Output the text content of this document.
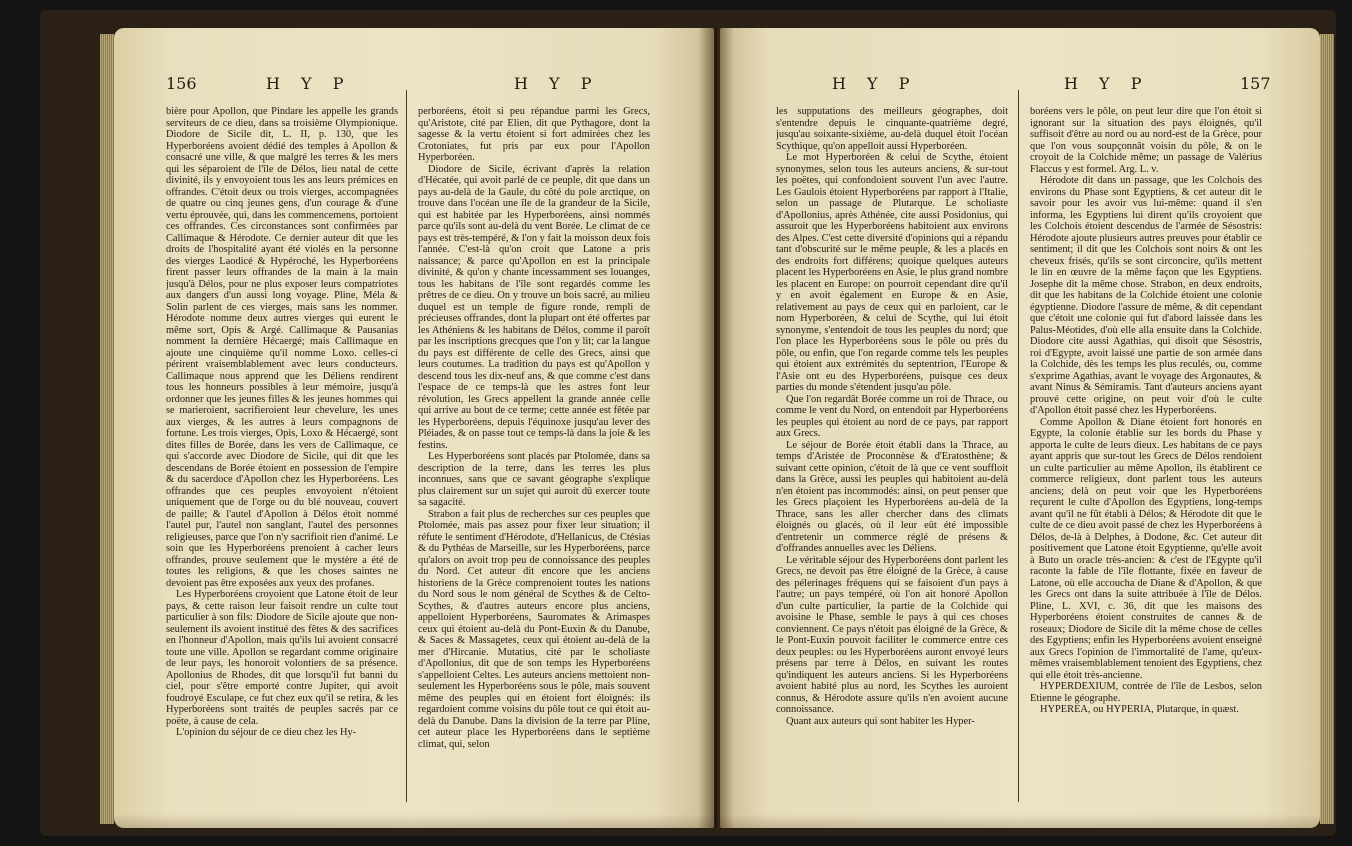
156	H Y P	H Y P

bière pour Apollon, que Pindare les appelle les grands serviteurs de ce dieu, dans sa troisième Olympionique. Diodore de Sicile dit, L. II, p. 130, que les Hyperboréens avoient dédié des temples à Apollon & consacré une ville, & que malgré les terres & les mers qui les séparoient de l'île de Délos, lieu natal de cette divinité, ils y envoyoient tous les ans leurs prémices en offrandes. C'étoit deux ou trois vierges, accompagnées de quatre ou cinq jeunes gens, d'un courage & d'une vertu éprouvée, qui, dans les commencemens, portoient ces offrandes. Ces circonstances sont confirmées par Callimaque & Hérodote. Ce dernier auteur dit que les droits de l'hospitalité ayant été violés en la personne des vierges Laodicé & Hypéroché, les Hyperboréens firent passer leurs offrandes de la main à la main jusqu'à Délos, pour ne plus exposer leurs compatriotes aux dangers d'un aussi long voyage. Pline, Méla & Solin parlent de ces vierges, mais sans les nommer. Hérodote nomme deux autres vierges qui eurent le même sort, Opis & Argé. Callimaque & Pausanias nomment la dernière Hécaergé; mais Callimaque en ajoute une cinquième qu'il nomme Loxo. celles-ci périrent vraisemblablement avec leurs conducteurs. Callimaque nous apprend que les Déliens rendirent tous les honneurs possibles à leur mémoire, jusqu'à ordonner que les jeunes filles & les jeunes hommes qui se marieroient, sacrifieroient leur chevelure, les unes aux vierges, & les autres à leurs compagnons de fortune. Les trois vierges, Opis, Loxo & Hécaergé, sont dites filles de Borée, dans les vers de Callimaque, ce qui s'accorde avec Diodore de Sicile, qui dit que les descendans de Borée étoient en possession de l'empire & du sacerdoce d'Apollon chez les Hyperboréens. Les offrandes que ces peuples envoyoient n'étoient uniquement que de l'orge ou du blé nouveau, couvert de paille; & l'autel d'Apollon à Délos étoit nommé l'autel pur, l'autel non sanglant, l'autel des personnes religieuses, parce que l'on n'y sacrifioit rien d'animé. Le soin que les Hyperboréens prenoient à cacher leurs offrandes, prouve seulement que le mystère a été de toutes les religions, & que les choses saintes ne devoient pas être exposées aux yeux des profanes.

Les Hyperboréens croyoient que Latone étoit de leur pays, & cette raison leur faisoit rendre un culte tout particulier à son fils: Diodore de Sicile ajoute que non-seulement ils avoient institué des fêtes & des sacrifices en l'honneur d'Apollon, mais qu'ils lui avoient consacré toute une ville. Apollon se regardant comme originaire de leur pays, les honoroit volontiers de sa présence. Apollonius de Rhodes, dit que lorsqu'il fut banni du ciel, pour s'être emporté contre Jupiter, qui avoit foudroyé Esculape, ce fut chez eux qu'il se retira, & les Hyperboréens sont traités de peuples sacrés par ce poëte, à cause de cela.

L'opinion du séjour de ce dieu chez les Hy-

perboréens, étoit si peu répandue parmi les Grecs, qu'Aristote, cité par Elien, dit que Pythagore, dont la sagesse & la vertu étoient si fort admirées chez les Crotoniates, fut pris par eux pour l'Apollon Hyperboréen.

Diodore de Sicile, écrivant d'après la relation d'Hécatée, qui avoit parlé de ce peuple, dit que dans un pays au-delà de la Gaule, du côté du pole arctique, on trouve dans l'océan une île de la grandeur de la Sicile, qui est habitée par les Hyperboréens, ainsi nommés parce qu'ils sont au-delà du vent Borée. Le climat de ce pays est très-tempéré, & l'on y fait la moisson deux fois l'année. C'est-là qu'on croit que Latone a pris naissance; & parce qu'Apollon en est la principale divinité, & qu'on y chante incessamment ses louanges, tous les habitans de l'île sont regardés comme les prêtres de ce dieu. On y trouve un bois sacré, au milieu duquel est un temple de figure ronde, rempli de précieuses offrandes, dont la plupart ont été offertes par les Athéniens & les habitans de Délos, comme il paroît par les inscriptions grecques que l'on y lit; car la langue du pays est différente de celle des Grecs, ainsi que leurs coutumes. La tradition du pays est qu'Apollon y descend tous les dix-neuf ans, & que comme c'est dans l'espace de ce temps-là que les astres font leur révolution, les Grecs appellent la grande année celle qui arrive au bout de ce terme; cette année est fêtée par les Hyperboréens, depuis l'équinoxe jusqu'au lever des Pléiades, & on passe tout ce temps-là dans la joie & les festins.

Les Hyperboréens sont placés par Ptolomée, dans sa description de la terre, dans les terres les plus inconnues, sans que ce savant géographe s'explique plus clairement sur un sujet qui auroit dû exercer toute sa sagacité.

Strabon a fait plus de recherches sur ces peuples que Ptolomée, mais pas assez pour fixer leur situation; il réfute le sentiment d'Hérodote, d'Hellanicus, de Ctésias & du Pythéas de Marseille, sur les Hyperboréens, parce qu'alors on avoit trop peu de connoissance des peuples du Nord. Cet auteur dit encore que les anciens historiens de la Grèce comprenoient toutes les nations du Nord sous le nom général de Scythes & de Celto-Scythes, & d'autres auteurs encore plus anciens, appelloient Hyperboréens, Sauromates & Arimaspes ceux qui étoient au-delà du Pont-Euxin & du Danube, & Saces & Massagetes, ceux qui étoient au-delà de la mer d'Hircanie. Mutatius, cité par le scholiaste d'Apollonius, dit que de son temps les Hyperboréens s'appelloient Celtes. Les auteurs anciens mettoient non-seulement les Hyperboréens sous le pôle, mais souvent même des peuples qui en étoient fort éloignés: ils regardoient comme voisins du pôle tout ce qui étoit au-delà du Danube. Dans la division de la terre par Pline, cet auteur place les Hyperboréens dans le septième climat, qui, selon

H Y P	H Y P	157

les supputations des meilleurs géographes, doit s'entendre depuis le cinquante-quatrième degré, jusqu'au soixante-sixième, au-delà duquel étoit l'océan Scythique, qu'on appelloit aussi Hyperboréen.

Le mot Hyperboréen & celui de Scythe, étoient synonymes, selon tous les auteurs anciens, & sur-tout les poëtes, qui confondoient souvent l'un avec l'autre. Les Gaulois étoient Hyperboréens par rapport à l'Italie, selon un passage de Plutarque. Le scholiaste d'Apollonius, après Athénée, cite aussi Posidonius, qui assuroit que les Hyperboréens habitoient aux environs des Alpes. C'est cette diversité d'opinions qui a répandu tant d'obscurité sur le même peuple, & les a placés en des endroits fort différens; quoique quelques auteurs placent les Hyperboréens en Asie, le plus grand nombre les placent en Europe: on pourroit cependant dire qu'il y en avoit également en Europe & en Asie, relativement au pays de ceux qui en parloient, car le nom Hyperboréen, & celui de Scythe, qui lui étoit synonyme, s'entendoit de tous les peuples du nord; que l'on place les Hyperboréens sous le pôle ou près du pôle, ou enfin, que l'on regarde comme tels les peuples qui étoient aux extrémités du septentrion, l'Europe & l'Asie ont eu des Hyperboréens, puisque ces deux parties du monde s'étendent jusqu'au pôle.

Que l'on regardât Borée comme un roi de Thrace, ou comme le vent du Nord, on entendoit par Hyperboréens les peuples qui étoient au nord de ce pays, par rapport aux Grecs.

Le séjour de Borée étoit établi dans la Thrace, au temps d'Aristée de Proconnèse & d'Eratosthène; & suivant cette opinion, c'étoit de là que ce vent souffloit dans la Grèce, aussi les peuples qui habitoient au-delà n'en étoient pas incommodés: ainsi, on peut penser que les Grecs plaçoient les Hyperboréens au-delà de la Thrace, sans les aller chercher dans des climats éloignés ou glacés, où il leur eût été impossible d'entretenir un commerce réglé de présens & d'offrandes annuelles avec les Déliens.

Le véritable séjour des Hyperboréens dont parlent les Grecs, ne devoit pas être éloigné de la Grèce, à cause des pélerinages fréquens qui se faisoient d'un pays à l'autre; un pays tempéré, où l'on ait honoré Apollon d'un culte particulier, la partie de la Colchide qui avoisine le Phase, semble le pays à qui ces choses conviennent. Ce pays n'étoit pas éloigné de la Grèce, & le Pont-Euxin pouvoit faciliter le commerce entre ces deux peuples: ou les Hyperboréens auront envoyé leurs présens par terre à Délos, en suivant les routes qu'indiquent les auteurs anciens. Si les Hyperboréens avoient habité plus au nord, les Scythes les auroient connus, & Hérodote assure qu'ils n'en avoient aucune connoissance.

Quant aux auteurs qui sont habiter les Hyper-

boréens vers le pôle, on peut leur dire que l'on étoit si ignorant sur la situation des pays éloignés, qu'il suffisoit d'être au nord ou au nord-est de la Grèce, pour que l'on vous soupçonnât voisin du pôle, & on le croyoit de la Colchide même; un passage de Valérius Flaccus y est formel. Arg. L. v.

Hérodote dit dans un passage, que les Colchois des environs du Phase sont Egyptiens, & cet auteur dit le savoir pour les avoir vus lui-même: quand il s'en informa, les Egyptiens lui dirent qu'ils croyoient que les Colchois étoient descendus de l'armée de Sésostris: Hérodote ajoute plusieurs autres preuves pour établir ce sentiment; il dit que les Colchois sont noirs & ont les cheveux frisés, qu'ils se sont circoncire, qu'ils mettent le lin en œuvre de la même façon que les Egyptiens. Josephe dit la même chose. Strabon, en deux endroits, dit que les habitans de la Colchide étoient une colonie égyptienne. Diodore l'assure de même, & dit cependant que c'étoit une colonie qui fut d'abord laissée dans les Palus-Méotides, d'où elle alla ensuite dans la Colchide. Diodore cite aussi Agathias, qui disoit que Sésostris, roi d'Egypte, avoit laissé une partie de son armée dans la Colchide, dès les temps les plus reculés, ou, comme s'exprime Agathias, avant le voyage des Argonautes, & avant Ninus & Sémiramis. Tant d'auteurs anciens ayant prouvé cette origine, on peut voir d'où le culte d'Apollon étoit passé chez les Hyperboréens.

Comme Apollon & Diane étoient fort honorés en Egypte, la colonie établie sur les bords du Phase y apporta le culte de leurs dieux. Les habitans de ce pays ayant appris que sur-tout les Grecs de Délos rendoient un culte particulier au même Apollon, ils établirent ce commerce religieux, dont parlent tous les auteurs anciens; delà on peut voir que les Hyperboréens reçurent le culte d'Apollon des Egyptiens, long-temps avant qu'il ne fût établi à Délos; & Hérodote dit que le culte de ce dieu avoit passé de chez les Hyperboréens à Délos, de-là à Delphes, à Dodone, &c. Cet auteur dit positivement que Latone étoit Egyptienne, qu'elle avoit à Buto un oracle très-ancien: & c'est de l'Egypte qu'il raconte la fable de l'île flottante, fixée en faveur de Latone, où elle accoucha de Diane & d'Apollon, & que les Grecs ont dans la suite attribuée à l'île de Délos. Pline, L. XVI, c. 36, dit que les maisons des Hyperboréens étoient construites de cannes & de roseaux; Diodore de Sicile dit la même chose de celles des Egyptiens; enfin les Hyperboréens avoient enseigné aux Grecs l'opinion de l'immortalité de l'ame, qu'eux-mêmes vraisemblablement tenoient des Egyptiens, chez qui elle étoit très-ancienne.

HYPERDEXIUM, contrée de l'île de Lesbos, selon Etienne le géographe.

HYPEREA, ou HYPERIA, Plutarque, in quæst.
